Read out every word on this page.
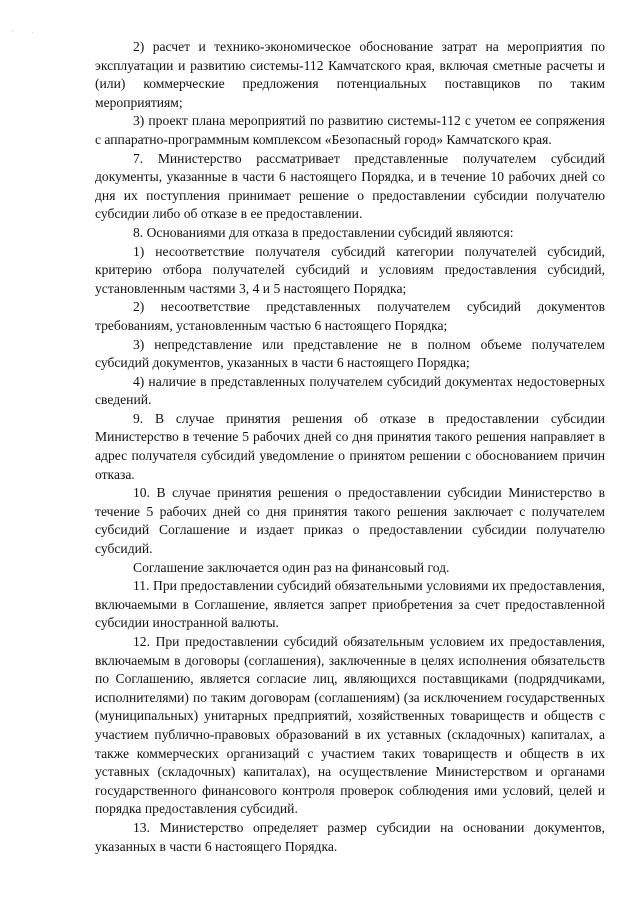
' ·

2) расчет и технико-экономическое обоснование затрат на мероприятия по эксплуатации и развитию системы-112 Камчатского края, включая сметные расчеты и (или) коммерческие предложения потенциальных поставщиков по таким мероприятиям;

3) проект плана мероприятий по развитию системы-112 с учетом ее сопряжения с аппаратно-программным комплексом «Безопасный город» Камчатского края.

7. Министерство рассматривает представленные получателем субсидий документы, указанные в части 6 настоящего Порядка, и в течение 10 рабочих дней со дня их поступления принимает решение о предоставлении субсидии получателю субсидии либо об отказе в ее предоставлении.

8. Основаниями для отказа в предоставлении субсидий являются:

1) несоответствие получателя субсидий категории получателей субсидий, критерию отбора получателей субсидий и условиям предоставления субсидий, установленным частями 3, 4 и 5 настоящего Порядка;

2) несоответствие представленных получателем субсидий документов требованиям, установленным частью 6 настоящего Порядка;

3) непредставление или представление не в полном объеме получателем субсидий документов, указанных в части 6 настоящего Порядка;

4) наличие в представленных получателем субсидий документах недостоверных сведений.

9. В случае принятия решения об отказе в предоставлении субсидии Министерство в течение 5 рабочих дней со дня принятия такого решения направляет в адрес получателя субсидий уведомление о принятом решении с обоснованием причин отказа.

10. В случае принятия решения о предоставлении субсидии Министерство в течение 5 рабочих дней со дня принятия такого решения заключает с получателем субсидий Соглашение и издает приказ о предоставлении субсидии получателю субсидий.

Соглашение заключается один раз на финансовый год.

11. При предоставлении субсидий обязательными условиями их предоставления, включаемыми в Соглашение, является запрет приобретения за счет предоставленной субсидии иностранной валюты.

12. При предоставлении субсидий обязательным условием их предоставления, включаемым в договоры (соглашения), заключенные в целях исполнения обязательств по Соглашению, является согласие лиц, являющихся поставщиками (подрядчиками, исполнителями) по таким договорам (соглашениям) (за исключением государственных (муниципальных) унитарных предприятий, хозяйственных товариществ и обществ с участием публично-правовых образований в их уставных (складочных) капиталах, а также коммерческих организаций с участием таких товариществ и обществ в их уставных (складочных) капиталах), на осуществление Министерством и органами государственного финансового контроля проверок соблюдения ими условий, целей и порядка предоставления субсидий.

13. Министерство определяет размер субсидии на основании документов, указанных в части 6 настоящего Порядка.
